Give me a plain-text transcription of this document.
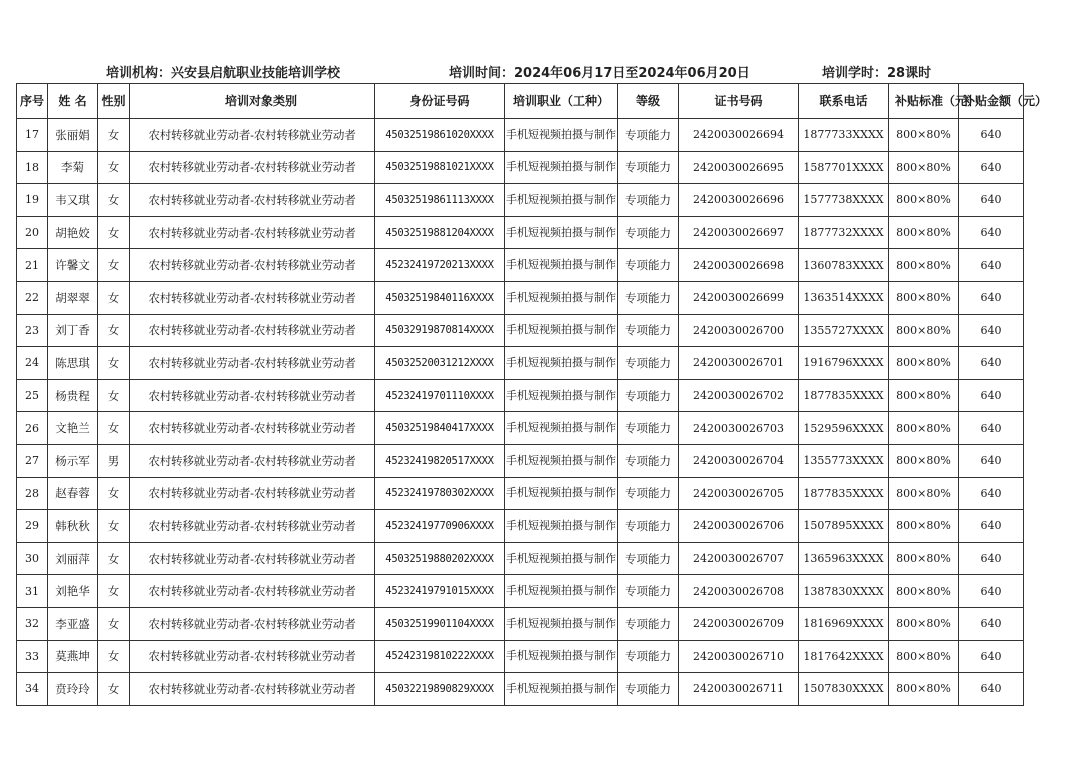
培训机构：兴安县启航职业技能培训学校	培训时间：2024年06月17日至2024年06月20日	培训学时：28课时
序号	姓 名	性别	培训对象类别	身份证号码	培训职业（工种）	等级	证书号码	联系电话	补贴标准（元）	补贴金额（元）
17	张丽娟	女	农村转移就业劳动者-农村转移就业劳动者	45032519861020XXXX	手机短视频拍摄与制作	专项能力	2420030026694	1877733XXXX	800×80%	640
18	李菊	女	农村转移就业劳动者-农村转移就业劳动者	45032519881021XXXX	手机短视频拍摄与制作	专项能力	2420030026695	1587701XXXX	800×80%	640
19	韦又琪	女	农村转移就业劳动者-农村转移就业劳动者	45032519861113XXXX	手机短视频拍摄与制作	专项能力	2420030026696	1577738XXXX	800×80%	640
20	胡艳姣	女	农村转移就业劳动者-农村转移就业劳动者	45032519881204XXXX	手机短视频拍摄与制作	专项能力	2420030026697	1877732XXXX	800×80%	640
21	许馨文	女	农村转移就业劳动者-农村转移就业劳动者	45232419720213XXXX	手机短视频拍摄与制作	专项能力	2420030026698	1360783XXXX	800×80%	640
22	胡翠翠	女	农村转移就业劳动者-农村转移就业劳动者	45032519840116XXXX	手机短视频拍摄与制作	专项能力	2420030026699	1363514XXXX	800×80%	640
23	刘丁香	女	农村转移就业劳动者-农村转移就业劳动者	45032919870814XXXX	手机短视频拍摄与制作	专项能力	2420030026700	1355727XXXX	800×80%	640
24	陈思琪	女	农村转移就业劳动者-农村转移就业劳动者	45032520031212XXXX	手机短视频拍摄与制作	专项能力	2420030026701	1916796XXXX	800×80%	640
25	杨贵程	女	农村转移就业劳动者-农村转移就业劳动者	45232419701110XXXX	手机短视频拍摄与制作	专项能力	2420030026702	1877835XXXX	800×80%	640
26	文艳兰	女	农村转移就业劳动者-农村转移就业劳动者	45032519840417XXXX	手机短视频拍摄与制作	专项能力	2420030026703	1529596XXXX	800×80%	640
27	杨示军	男	农村转移就业劳动者-农村转移就业劳动者	45232419820517XXXX	手机短视频拍摄与制作	专项能力	2420030026704	1355773XXXX	800×80%	640
28	赵春蓉	女	农村转移就业劳动者-农村转移就业劳动者	45232419780302XXXX	手机短视频拍摄与制作	专项能力	2420030026705	1877835XXXX	800×80%	640
29	韩秋秋	女	农村转移就业劳动者-农村转移就业劳动者	45232419770906XXXX	手机短视频拍摄与制作	专项能力	2420030026706	1507895XXXX	800×80%	640
30	刘丽萍	女	农村转移就业劳动者-农村转移就业劳动者	45032519880202XXXX	手机短视频拍摄与制作	专项能力	2420030026707	1365963XXXX	800×80%	640
31	刘艳华	女	农村转移就业劳动者-农村转移就业劳动者	45232419791015XXXX	手机短视频拍摄与制作	专项能力	2420030026708	1387830XXXX	800×80%	640
32	李亚盛	女	农村转移就业劳动者-农村转移就业劳动者	45032519901104XXXX	手机短视频拍摄与制作	专项能力	2420030026709	1816969XXXX	800×80%	640
33	莫燕坤	女	农村转移就业劳动者-农村转移就业劳动者	45242319810222XXXX	手机短视频拍摄与制作	专项能力	2420030026710	1817642XXXX	800×80%	640
34	贲玲玲	女	农村转移就业劳动者-农村转移就业劳动者	45032219890829XXXX	手机短视频拍摄与制作	专项能力	2420030026711	1507830XXXX	800×80%	640
